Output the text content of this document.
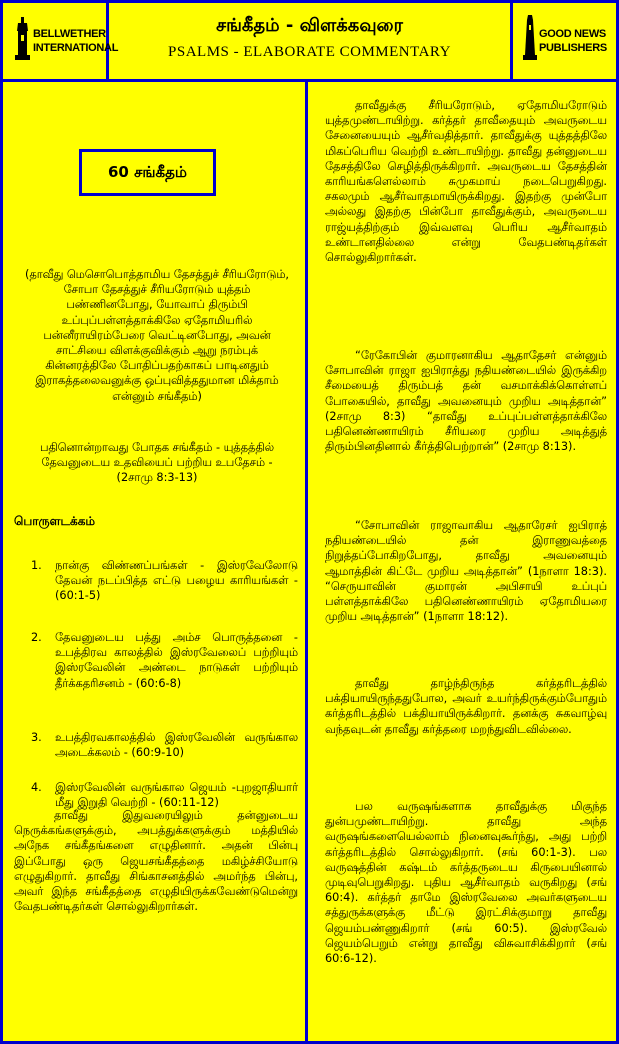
BELLWETHER
INTERNATIONAL
சங்கீதம் - விளக்கவுரை
PSALMS - ELABORATE COMMENTARY
GOOD NEWS
PUBLISHERS
60 சங்கீதம்
(தாவீது மெசொபொத்தாமிய தேசத்துச் சீரியரோடும், சோபா தேசத்துச் சீரியரோடும் யுத்தம் பண்ணினபோது, யோவாப் திரும்பி உப்புப்பள்ளத்தாக்கிலே ஏதோமியரில் பன்னீராயிரம்பேரை வெட்டினபோது, அவன் சாட்சியை விளக்குவிக்கும் ஆறு நரம்புக் கின்னரத்திலே போதிப்பதற்காகப் பாடினதும் இராகத்தலைவனுக்கு ஒப்புவித்ததுமான மிக்தாம் என்னும் சங்கீதம்)
பதினொன்றாவது போதக சங்கீதம் - யுத்தத்தில் தேவனுடைய உதவியைப் பற்றிய உபதேசம் - (2சாமு 8:3-13)
பொருளடக்கம்
1.	நான்கு விண்ணப்பங்கள் - இஸ்ரவேலோடு தேவன் நடப்பித்த எட்டு பழைய காரியங்கள் - (60:1-5)
2.	தேவனுடைய பத்து அம்ச பொருத்தனை - உபத்திரவ காலத்தில் இஸ்ரவேலைப் பற்றியும் இஸ்ரவேலின் அண்டை நாடுகள் பற்றியும் தீர்க்கதரிசனம் - (60:6-8)
3.	உபத்திரவகாலத்தில் இஸ்ரவேலின் வருங்கால அடைக்கலம் - (60:9-10)
4.	இஸ்ரவேலின் வருங்கால ஜெயம் -புறஜாதியார் மீது இறுதி வெற்றி - (60:11-12)
தாவீது இதுவரையிலும் தன்னுடைய நெருக்கங்களுக்கும், அபத்துக்களுக்கும் மத்தியில் அநேக சங்கீதங்களை எழுதினார். அதன் பின்பு இப்போது ஒரு ஜெயசங்கீதத்தை மகிழ்ச்சியோடு எழுதுகிறார். தாவீது சிங்காசனத்தில் அமர்ந்த பின்பு, அவர் இந்த சங்கீதத்தை எழுதியிருக்கவேண்டுமென்று வேதபண்டிதர்கள் சொல்லுகிறார்கள்.
தாவீதுக்கு சீரியரோடும், ஏதோமியரோடும் யுத்தமுண்டாயிற்று. கர்த்தர் தாவீதையும் அவருடைய சேனையையும் ஆசீர்வதித்தார். தாவீதுக்கு யுத்தத்திலே மிகப்பெரிய வெற்றி உண்டாயிற்று. தாவீது தன்னுடைய தேசத்திலே செழித்திருக்கிறார். அவருடைய தேசத்தின் காரியங்களெல்லாம் சுமுகமாய் நடைபெறுகிறது. சகலமும் ஆசீர்வாதமாயிருக்கிறது. இதற்கு முன்போ அல்லது இதற்கு பின்போ தாவீதுக்கும், அவருடைய ராஜ்யத்திற்கும் இவ்வளவு பெரிய ஆசீர்வாதம் உண்டானதில்லை என்று வேதபண்டிதர்கள் சொல்லுகிறார்கள்.
“ரேகோபின் குமாரனாகிய ஆதாதேசர் என்னும் சோபாவின் ராஜா ஐபிராத்து நதியண்டையில் இருக்கிற சீமையைத் திரும்பத் தன் வசமாக்கிக்கொள்ளப் போகையில், தாவீது அவனையும் முறிய அடித்தான்” (2சாமு 8:3) “தாவீது உப்புப்பள்ளத்தாக்கிலே பதினெண்ணாயிரம் சீரியரை முறிய அடித்துத் திரும்பினதினால் கீர்த்திபெற்றான்” (2சாமு 8:13).
“சோபாவின் ராஜாவாகிய ஆதாரேசர் ஐபிராத் நதியண்டையில் தன் இராணுவத்தை நிறுத்தப்போகிறபோது, தாவீது அவனையும் ஆமாத்தின் கிட்டே முறிய அடித்தான்” (1நாளா 18:3). “செருயாவின் குமாரன் அபிசாயி உப்புப் பள்ளத்தாக்கிலே பதினெண்ணாயிரம் ஏதோமியரை முறிய அடித்தான்” (1நாளா 18:12).
தாவீது தாழ்ந்திருந்த கர்த்தரிடத்தில் பக்தியாயிருந்ததுபோல, அவர் உயர்ந்திருக்கும்போதும் கர்த்தரிடத்தில் பக்தியாயிருக்கிறார். தனக்கு சுகவாழ்வு வந்தவுடன் தாவீது கர்த்தரை மறந்துவிடவில்லை.
பல வருஷங்களாக தாவீதுக்கு மிகுந்த துன்பமுண்டாயிற்று. தாவீது அந்த வருஷங்களையெல்லாம் நினைவுகூர்ந்து, அது பற்றி கர்த்தரிடத்தில் சொல்லுகிறார். (சங் 60:1-3). பல வருஷத்தின் கஷ்டம் கர்த்தருடைய கிருபையினால் முடிவுபெறுகிறது. புதிய ஆசீர்வாதம் வருகிறது (சங் 60:4). கர்த்தர் தாமே இஸ்ரவேலை அவர்களுடைய சத்துருக்களுக்கு மீட்டு இரட்சிக்குமாறு தாவீது ஜெயம்பண்ணுகிறார் (சங் 60:5). இஸ்ரவேல் ஜெயம்பெறும் என்று தாவீது விசுவாசிக்கிறார் (சங் 60:6-12).
